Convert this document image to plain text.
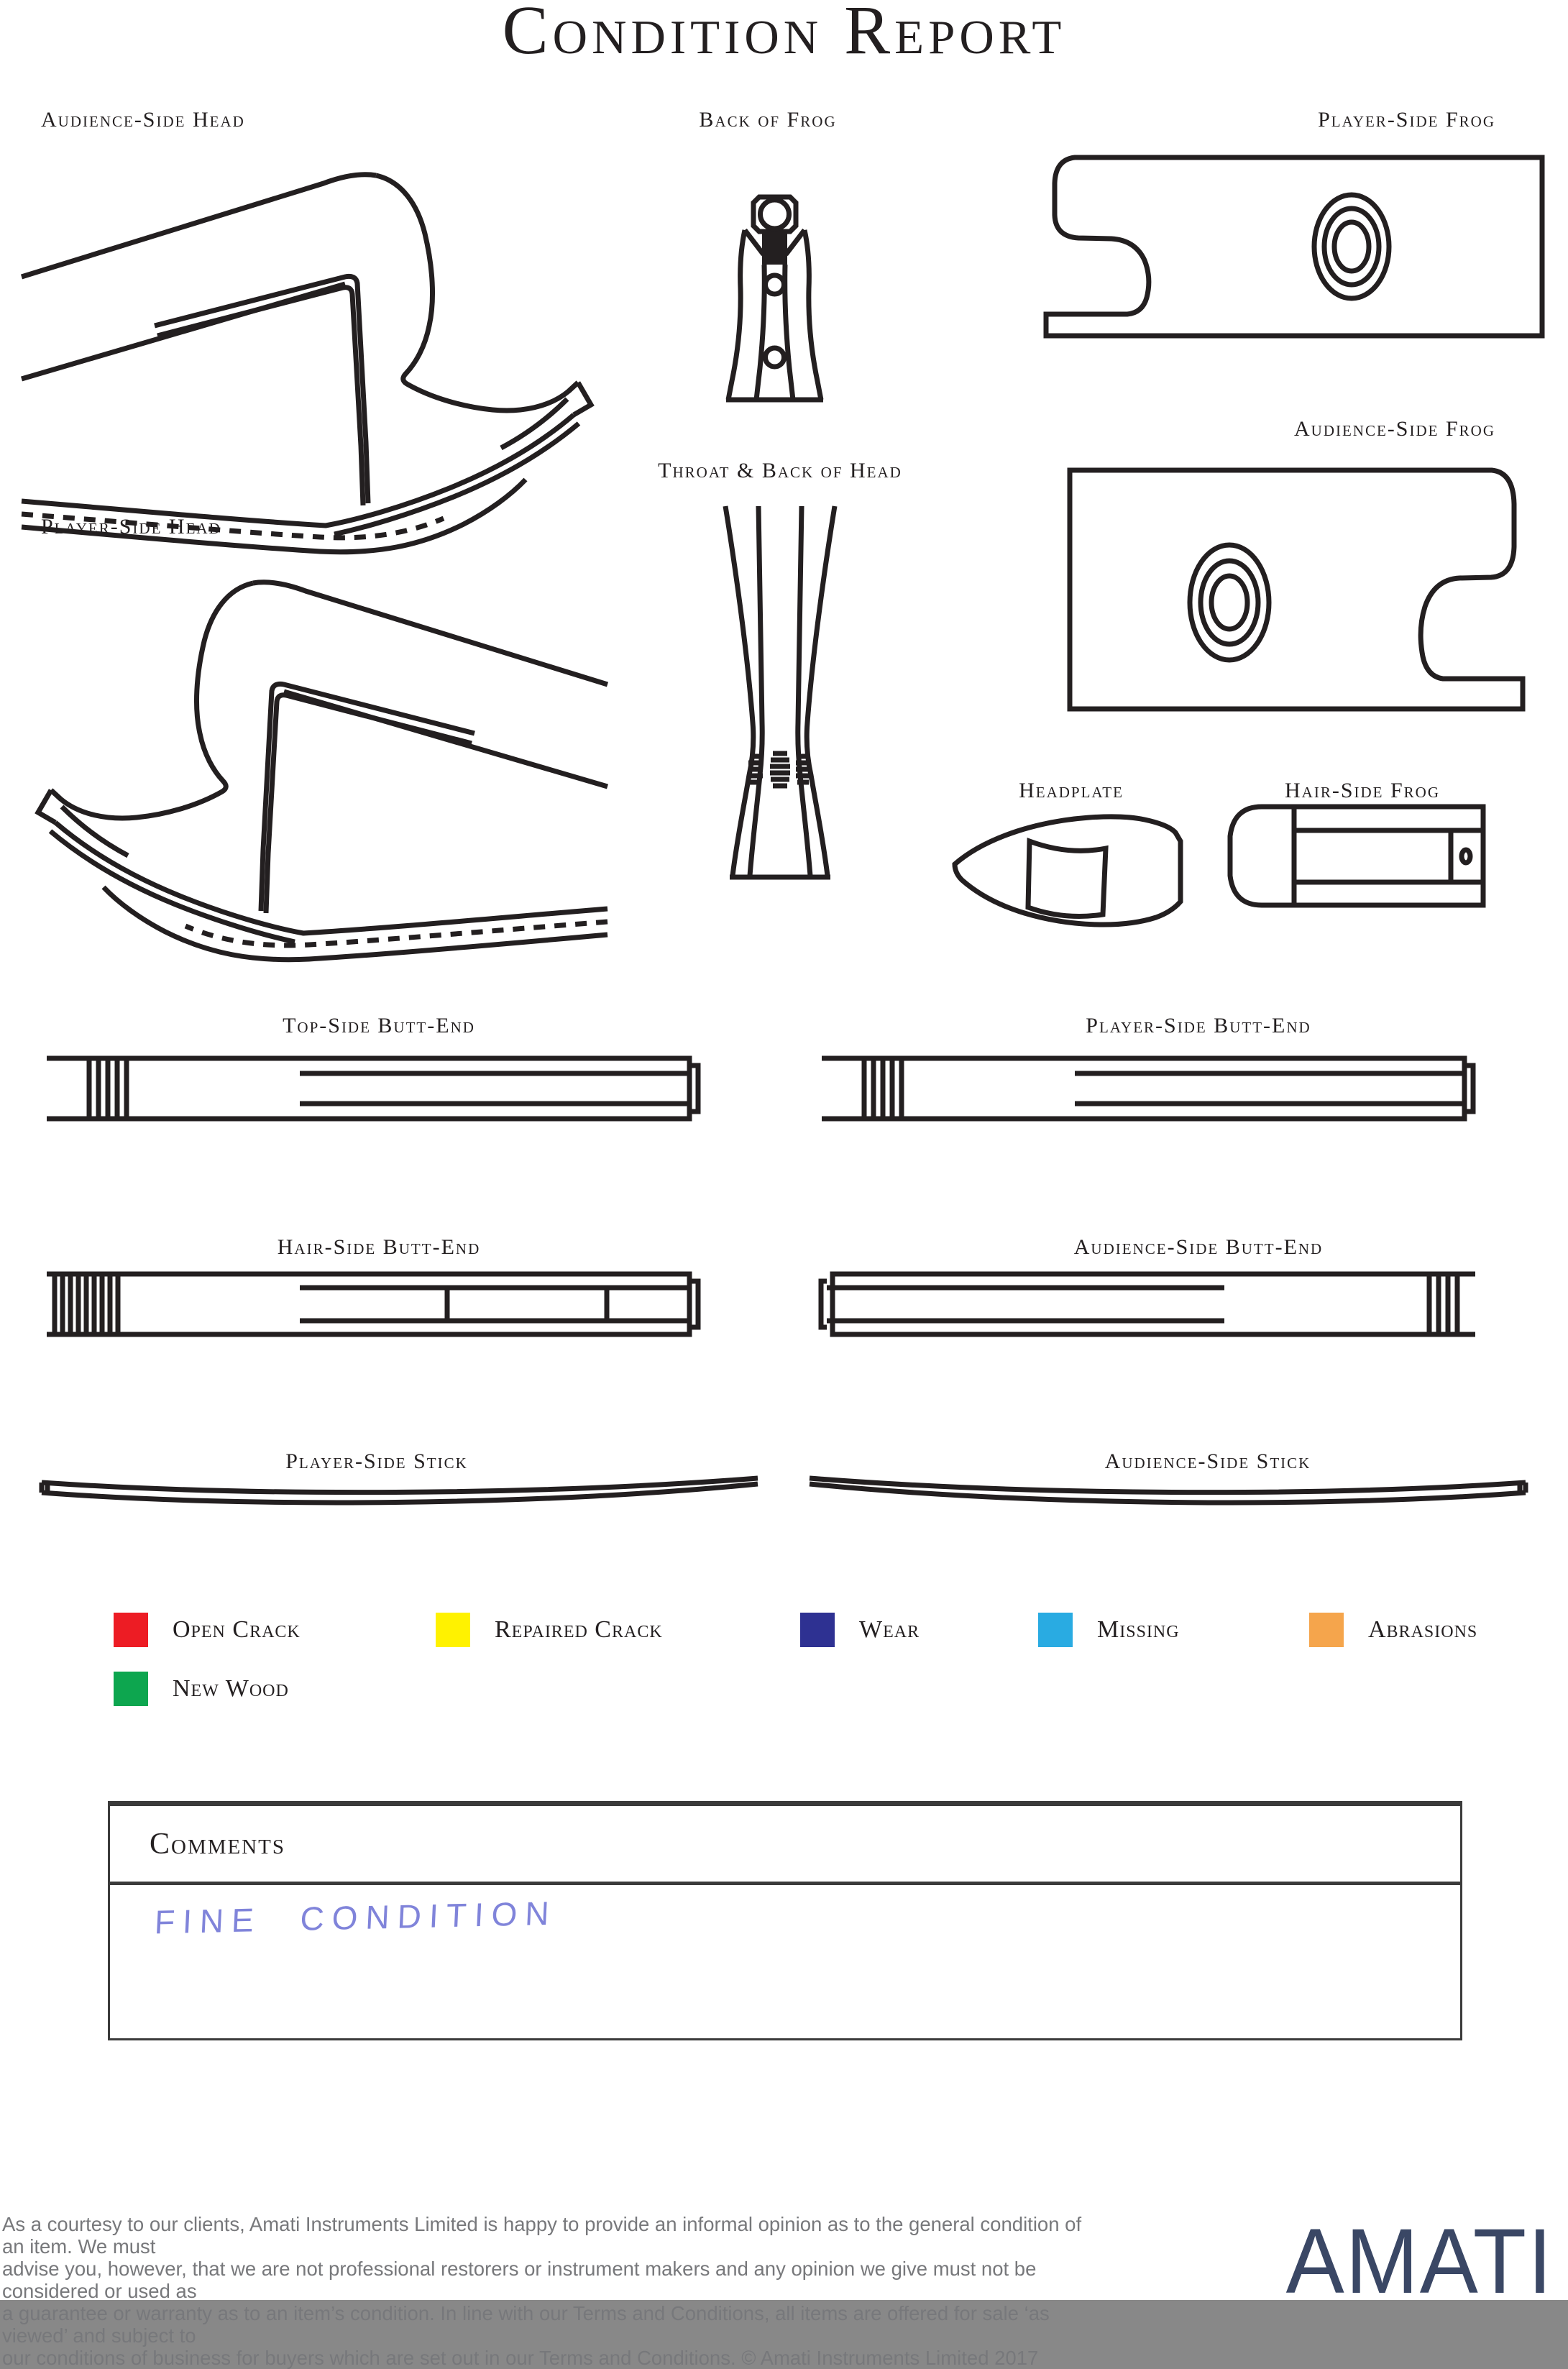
Condition Report
Audience-Side Head	Back of Frog	Player-Side Frog
Audience-Side Frog
Player-Side Head
Throat & Back of Head
Headplate	Hair-Side Frog
Top-Side Butt-End	Player-Side Butt-End
Hair-Side Butt-End	Audience-Side Butt-End
Player-Side Stick	Audience-Side Stick
Open Crack	Repaired Crack	Wear	Missing	Abrasions
New Wood
Comments
FINE CONDITION
As a courtesy to our clients, Amati Instruments Limited is happy to provide an informal opinion as to the general condition of an item. We must
advise you, however, that we are not professional restorers or instrument makers and any opinion we give must not be considered or used as
a guarantee or warranty as to an item’s condition. In line with our Terms and Conditions, all items are offered for sale ‘as viewed’ and subject to
our conditions of business for buyers which are set out in our Terms and Conditions. © Amati Instruments Limited 2017
AMATI
